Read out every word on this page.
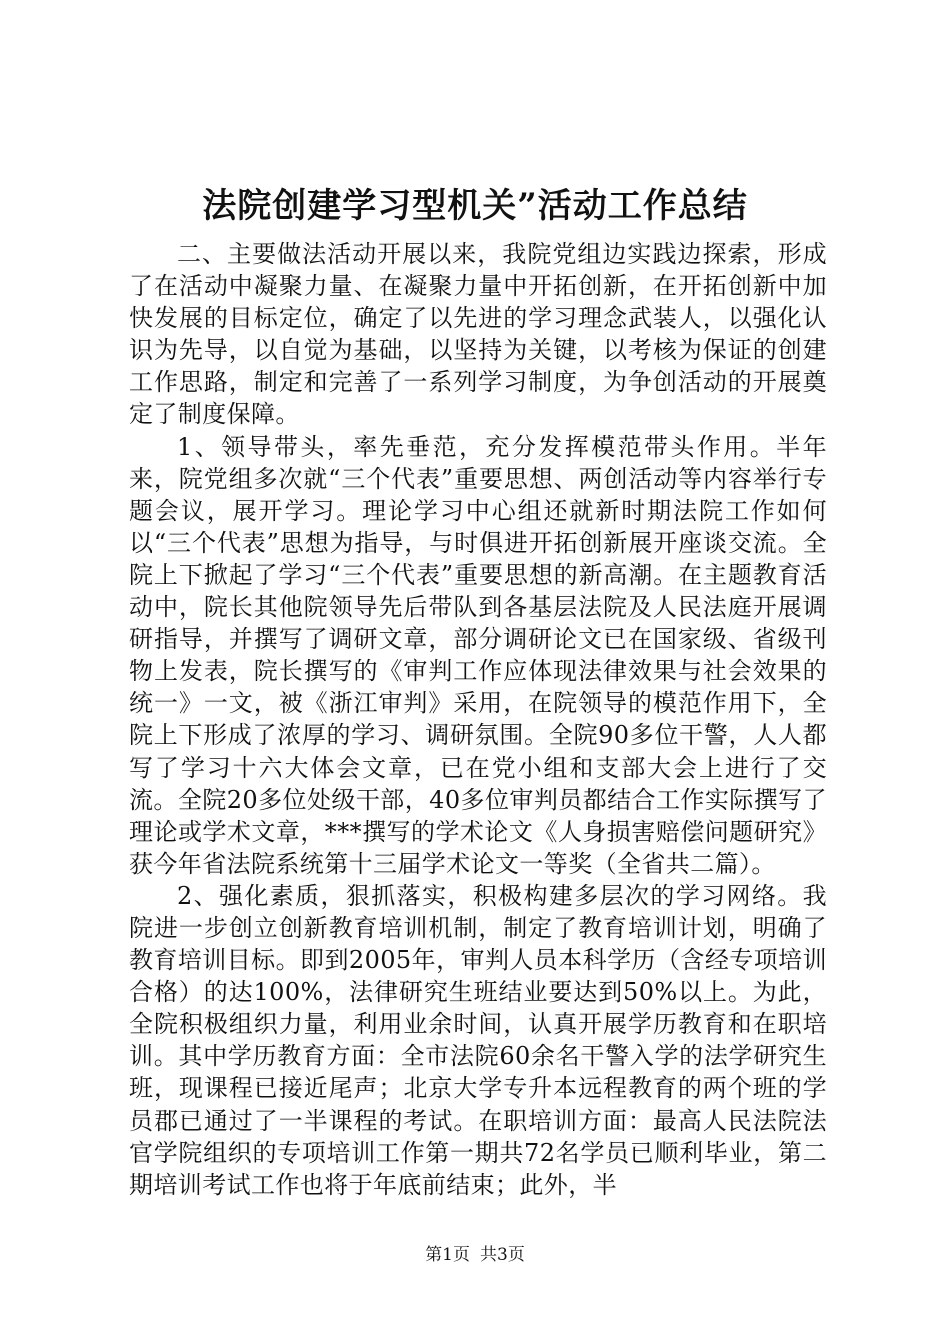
法院创建学习型机关”活动工作总结

二、主要做法活动开展以来，我院党组边实践边探索，形成了在活动中凝聚力量、在凝聚力量中开拓创新，在开拓创新中加快发展的目标定位，确定了以先进的学习理念武装人，以强化认识为先导，以自觉为基础，以坚持为关键，以考核为保证的创建工作思路，制定和完善了一系列学习制度，为争创活动的开展奠定了制度保障。

1、领导带头，率先垂范，充分发挥模范带头作用。半年来，院党组多次就“三个代表”重要思想、两创活动等内容举行专题会议，展开学习。理论学习中心组还就新时期法院工作如何以“三个代表”思想为指导，与时俱进开拓创新展开座谈交流。全院上下掀起了学习“三个代表”重要思想的新高潮。在主题教育活动中，院长其他院领导先后带队到各基层法院及人民法庭开展调研指导，并撰写了调研文章，部分调研论文已在国家级、省级刊物上发表，院长撰写的《审判工作应体现法律效果与社会效果的统一》一文，被《浙江审判》采用，在院领导的模范作用下，全院上下形成了浓厚的学习、调研氛围。全院90多位干警，人人都写了学习十六大体会文章，已在党小组和支部大会上进行了交流。全院20多位处级干部，40多位审判员都结合工作实际撰写了理论或学术文章，***撰写的学术论文《人身损害赔偿问题研究》获今年省法院系统第十三届学术论文一等奖（全省共二篇）。

2、强化素质，狠抓落实，积极构建多层次的学习网络。我院进一步创立创新教育培训机制，制定了教育培训计划，明确了教育培训目标。即到2005年，审判人员本科学历（含经专项培训合格）的达100%，法律研究生班结业要达到50%以上。为此，全院积极组织力量，利用业余时间，认真开展学历教育和在职培训。其中学历教育方面：全市法院60余名干警入学的法学研究生班，现课程已接近尾声；北京大学专升本远程教育的两个班的学员郡已通过了一半课程的考试。在职培训方面：最高人民法院法官学院组织的专项培训工作第一期共72名学员已顺利毕业，第二期培训考试工作也将于年底前结束；此外，半

第1页 共3页
